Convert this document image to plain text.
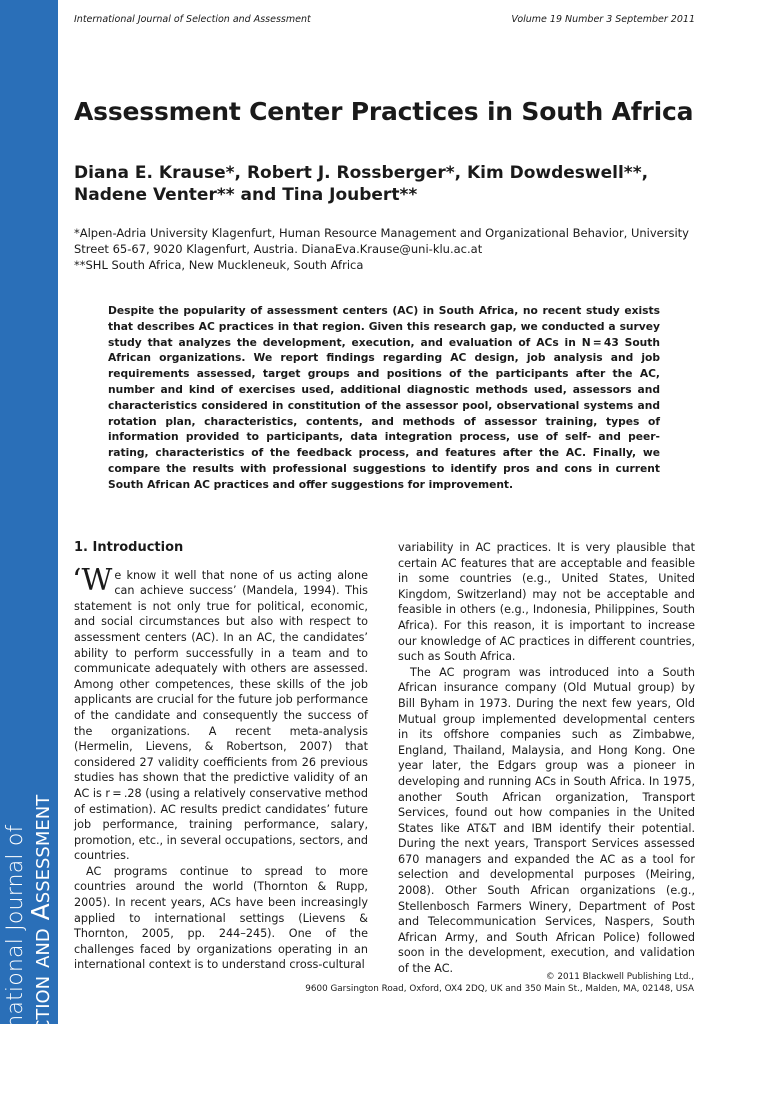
International Journal of
Selection and Assessment
International Journal of Selection and Assessment	Volume 19 Number 3 September 2011
Assessment Center Practices in South Africa
Diana E. Krause*, Robert J. Rossberger*, Kim Dowdeswell**,
Nadene Venter** and Tina Joubert**
*Alpen-Adria University Klagenfurt, Human Resource Management and Organizational Behavior, University Street 65-67, 9020 Klagenfurt, Austria. DianaEva.Krause@uni-klu.ac.at
**SHL South Africa, New Muckleneuk, South Africa
Despite the popularity of assessment centers (AC) in South Africa, no recent study exists that describes AC practices in that region. Given this research gap, we conducted a survey study that analyzes the development, execution, and evaluation of ACs in N = 43 South African organizations. We report findings regarding AC design, job analysis and job requirements assessed, target groups and positions of the participants after the AC, number and kind of exercises used, additional diagnostic methods used, assessors and characteristics considered in constitution of the assessor pool, observational systems and rotation plan, characteristics, contents, and methods of assessor training, types of information provided to participants, data integration process, use of self- and peer-rating, characteristics of the feedback process, and features after the AC. Finally, we compare the results with professional suggestions to identify pros and cons in current South African AC practices and offer suggestions for improvement.
1. Introduction

‘We know it well that none of us acting alone can achieve success’ (Mandela, 1994). This statement is not only true for political, economic, and social circumstances but also with respect to assessment centers (AC). In an AC, the candidates’ ability to perform successfully in a team and to communicate adequately with others are assessed. Among other competences, these skills of the job applicants are crucial for the future job performance of the candidate and consequently the success of the organizations. A recent meta-analysis (Hermelin, Lievens, & Robertson, 2007) that considered 27 validity coefficients from 26 previous studies has shown that the predictive validity of an AC is r = .28 (using a relatively conservative method of estimation). AC results predict candidates’ future job performance, training performance, salary, promotion, etc., in several occupations, sectors, and countries.

AC programs continue to spread to more countries around the world (Thornton & Rupp, 2005). In recent years, ACs have been increasingly applied to international settings (Lievens & Thornton, 2005, pp. 244–245). One of the challenges faced by organizations operating in an international context is to understand cross-cultural

variability in AC practices. It is very plausible that certain AC features that are acceptable and feasible in some countries (e.g., United States, United Kingdom, Switzerland) may not be acceptable and feasible in others (e.g., Indonesia, Philippines, South Africa). For this reason, it is important to increase our knowledge of AC practices in different countries, such as South Africa.

The AC program was introduced into a South African insurance company (Old Mutual group) by Bill Byham in 1973. During the next few years, Old Mutual group implemented developmental centers in its offshore companies such as Zimbabwe, England, Thailand, Malaysia, and Hong Kong. One year later, the Edgars group was a pioneer in developing and running ACs in South Africa. In 1975, another South African organization, Transport Services, found out how companies in the United States like AT&T and IBM identify their potential. During the next years, Transport Services assessed 670 managers and expanded the AC as a tool for selection and developmental purposes (Meiring, 2008). Other South African organizations (e.g., Stellenbosch Farmers Winery, Department of Post and Telecommunication Services, Naspers, South African Army, and South African Police) followed soon in the development, execution, and validation of the AC.

© 2011 Blackwell Publishing Ltd.,
9600 Garsington Road, Oxford, OX4 2DQ, UK and 350 Main St., Malden, MA, 02148, USA
